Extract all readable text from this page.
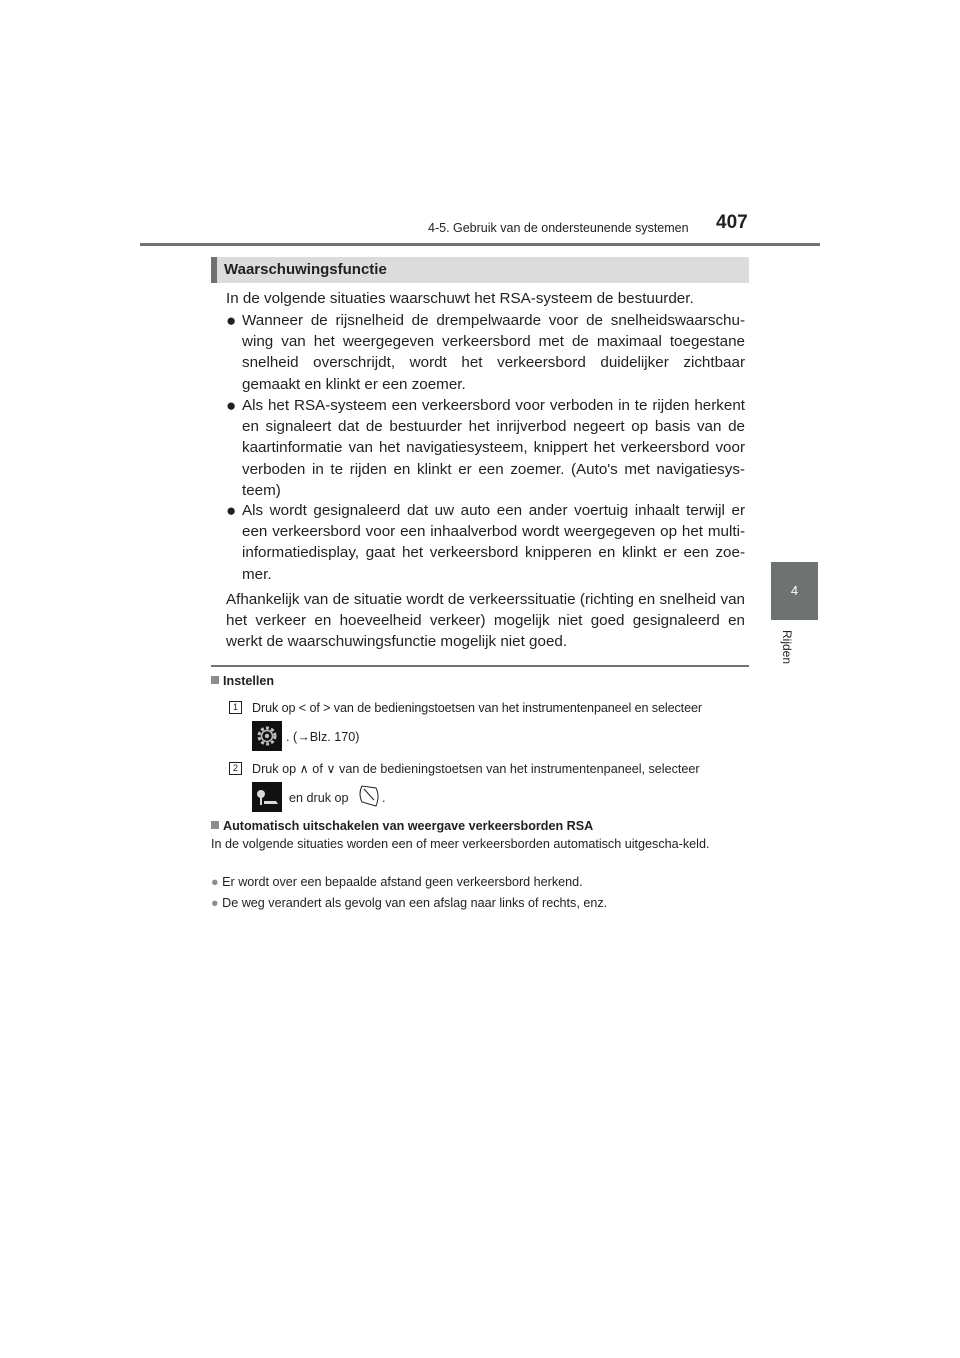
4-5. Gebruik van de ondersteunende systemen 407
4
Rijden
Waarschuwingsfunctie
In de volgende situaties waarschuwt het RSA-systeem de bestuurder.
● Wanneer de rijsnelheid de drempelwaarde voor de snelheidswaarschu-wing van het weergegeven verkeersbord met de maximaal toegestane snelheid overschrijdt, wordt het verkeersbord duidelijker zichtbaar gemaakt en klinkt er een zoemer.
● Als het RSA-systeem een verkeersbord voor verboden in te rijden herkent en signaleert dat de bestuurder het inrijverbod negeert op basis van de kaartinformatie van het navigatiesysteem, knippert het verkeersbord voor verboden in te rijden en klinkt er een zoemer. (Auto's met navigatiesys-teem)
● Als wordt gesignaleerd dat uw auto een ander voertuig inhaalt terwijl er een verkeersbord voor een inhaalverbod wordt weergegeven op het multi-informatiedisplay, gaat het verkeersbord knipperen en klinkt er een zoe-mer.
Afhankelijk van de situatie wordt de verkeerssituatie (richting en snelheid van het verkeer en hoeveelheid verkeer) mogelijk niet goed gesignaleerd en werkt de waarschuwingsfunctie mogelijk niet goed.
Instellen
1	Druk op < of > van de bedieningstoetsen van het instrumentenpaneel en selecteer
. (→Blz. 170)
2	Druk op ∧ of ∨ van de bedieningstoetsen van het instrumentenpaneel, selecteer
en druk op	.
Automatisch uitschakelen van weergave verkeersborden RSA
In de volgende situaties worden een of meer verkeersborden automatisch uitgescha-keld.
● Er wordt over een bepaalde afstand geen verkeersbord herkend.
● De weg verandert als gevolg van een afslag naar links of rechts, enz.
